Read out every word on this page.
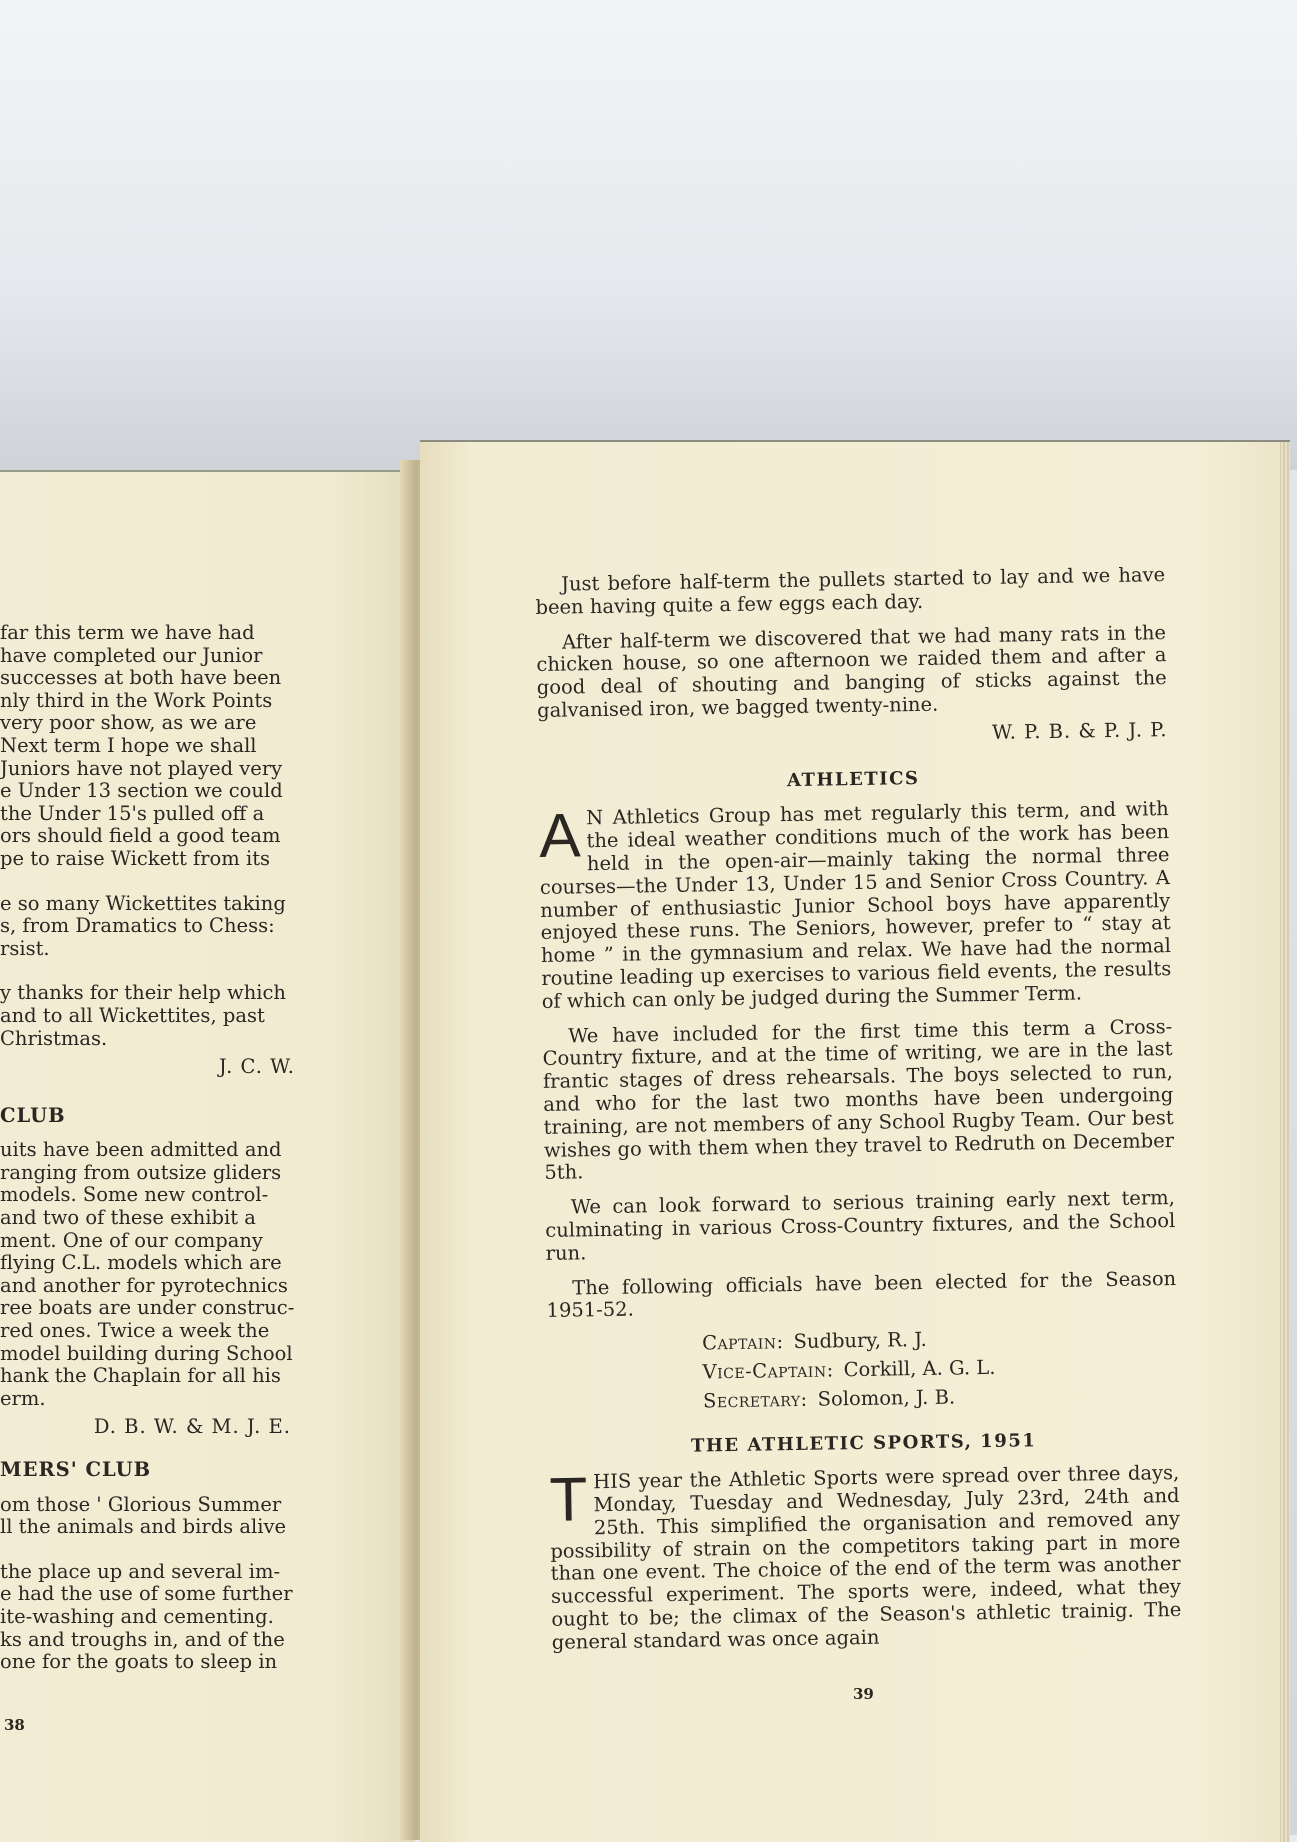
far this term we have had
have completed our Junior
successes at both have been
nly third in the Work Points
very poor show, as we are
Next term I hope we shall
Juniors have not played very
e Under 13 section we could
the Under 15's pulled off a
ors should field a good team
pe to raise Wickett from its
e so many Wickettites taking
s, from Dramatics to Chess:
rsist.
y thanks for their help which
and to all Wickettites, past
Christmas.
J. C. W.
CLUB
uits have been admitted and
ranging from outsize gliders
models. Some new control-
and two of these exhibit a
ment. One of our company
flying C.L. models which are
and another for pyrotechnics
ree boats are under construc-
red ones. Twice a week the
model building during School
hank the Chaplain for all his
erm.
D. B. W. & M. J. E.
MERS' CLUB
om those ' Glorious Summer
ll the animals and birds alive
the place up and several im-
e had the use of some further
ite-washing and cementing.
ks and troughs in, and of the
one for the goats to sleep in
38

Just before half-term the pullets started to lay and we have been having quite a few eggs each day.

After half-term we discovered that we had many rats in the chicken house, so one afternoon we raided them and after a good deal of shouting and banging of sticks against the galvanised iron, we bagged twenty-nine.

W. P. B. & P. J. P.
ATHLETICS

A N Athletics Group has met regularly this term, and with the ideal weather conditions much of the work has been held in the open-air—mainly taking the normal three courses—the Under 13, Under 15 and Senior Cross Country. A number of enthusiastic Junior School boys have apparently enjoyed these runs. The Seniors, however, prefer to “ stay at home ” in the gymnasium and relax. We have had the normal routine leading up exercises to various field events, the results of which can only be judged during the Summer Term.

We have included for the first time this term a Cross-Country fixture, and at the time of writing, we are in the last frantic stages of dress rehearsals. The boys selected to run, and who for the last two months have been undergoing training, are not members of any School Rugby Team. Our best wishes go with them when they travel to Redruth on December 5th.

We can look forward to serious training early next term, culminating in various Cross-Country fixtures, and the School run.

The following officials have been elected for the Season 1951-52.

Captain: Sudbury, R. J.
Vice-Captain: Corkill, A. G. L.
Secretary: Solomon, J. B.
THE ATHLETIC SPORTS, 1951

THIS year the Athletic Sports were spread over three days, Monday, Tuesday and Wednesday, July 23rd, 24th and 25th. This simplified the organisation and removed any possibility of strain on the competitors taking part in more than one event. The choice of the end of the term was another successful experiment. The sports were, indeed, what they ought to be; the climax of the Season's athletic trainig. The general standard was once again

39
